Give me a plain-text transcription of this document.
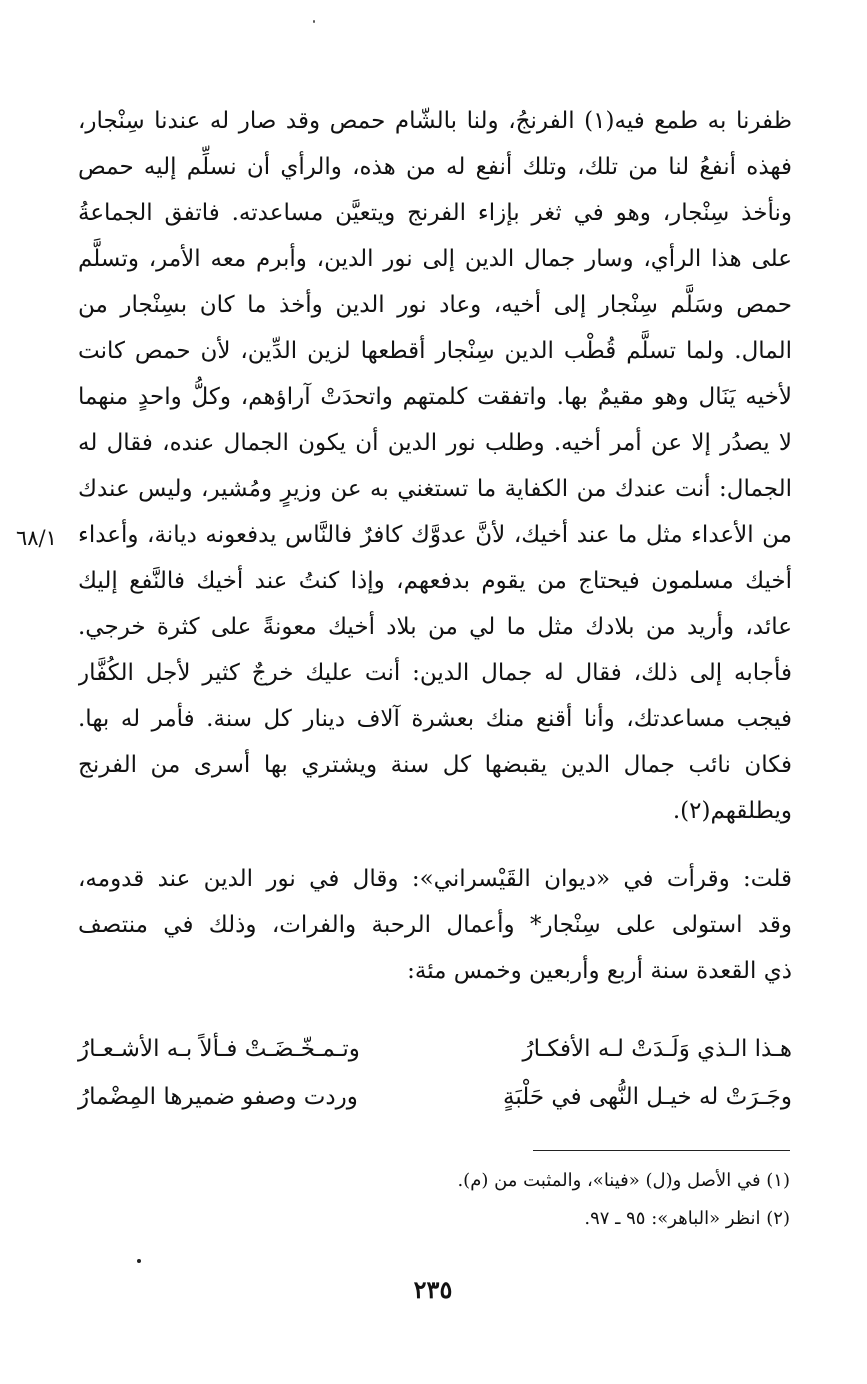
ظفرنا به طمع فيه(١) الفرنجُ، ولنا بالشّام حمص وقد صار له عندنا سِنْجار،
فهذه أنفعُ لنا من تلك، وتلك أنفع له من هذه، والرأي أن نسلِّم إليه حمص
ونأخذ سِنْجار، وهو في ثغر بإزاء الفرنج ويتعيَّن مساعدته. فاتفق الجماعةُ
على هذا الرأي، وسار جمال الدين إلى نور الدين، وأبرم معه الأمر، وتسلَّم
حمص وسَلَّم سِنْجار إلى أخيه، وعاد نور الدين وأخذ ما كان بسِنْجار من
المال. ولما تسلَّم قُطْب الدين سِنْجار أقطعها لزين الدِّين، لأن حمص كانت
لأخيه يَنَال وهو مقيمٌ بها. واتفقت كلمتهم واتحدَتْ آراؤهم، وكلُّ واحدٍ منهما
لا يصدُر إلا عن أمر أخيه. وطلب نور الدين أن يكون الجمال عنده، فقال له
الجمال: أنت عندك من الكفاية ما تستغني به عن وزيرٍ ومُشير، وليس عندك
من الأعداء مثل ما عند أخيك، لأنَّ عدوَّك كافرٌ فالنَّاس يدفعونه ديانة، وأعداء
أخيك مسلمون فيحتاج من يقوم بدفعهم، وإذا كنتُ عند أخيك فالنَّفع إليك
عائد، وأريد من بلادك مثل ما لي من بلاد أخيك معونةً على كثرة خرجي.
فأجابه إلى ذلك، فقال له جمال الدين: أنت عليك خرجٌ كثير لأجل الكُفَّار
فيجب مساعدتك، وأنا أقنع منك بعشرة آلاف دينار كل سنة. فأمر له بها.
فكان نائب جمال الدين يقبضها كل سنة ويشتري بها أسرى من الفرنج
ويطلقهم(٢).
قلت: وقرأت في «ديوان القَيْسراني»: وقال في نور الدين عند قدومه،
وقد استولى على سِنْجار* وأعمال الرحبة والفرات، وذلك في منتصف
ذي القعدة سنة أربع وأربعين وخمس مئة:
٦٨/١
هـذا الـذي وَلَـدَتْ لـه الأفكـارُ
وتـمـخّـضَـتْ فـألاً بـه الأشـعـارُ
وجَـرَتْ له خيـل النُّهى في حَلْبَةٍ
وردت وصفو ضميرها المِضْمارُ
(١) في الأصل و(ل) «فينا»، والمثبت من (م).
(٢) انظر «الباهر»: ٩٥ ـ ٩٧.
٢٣٥
